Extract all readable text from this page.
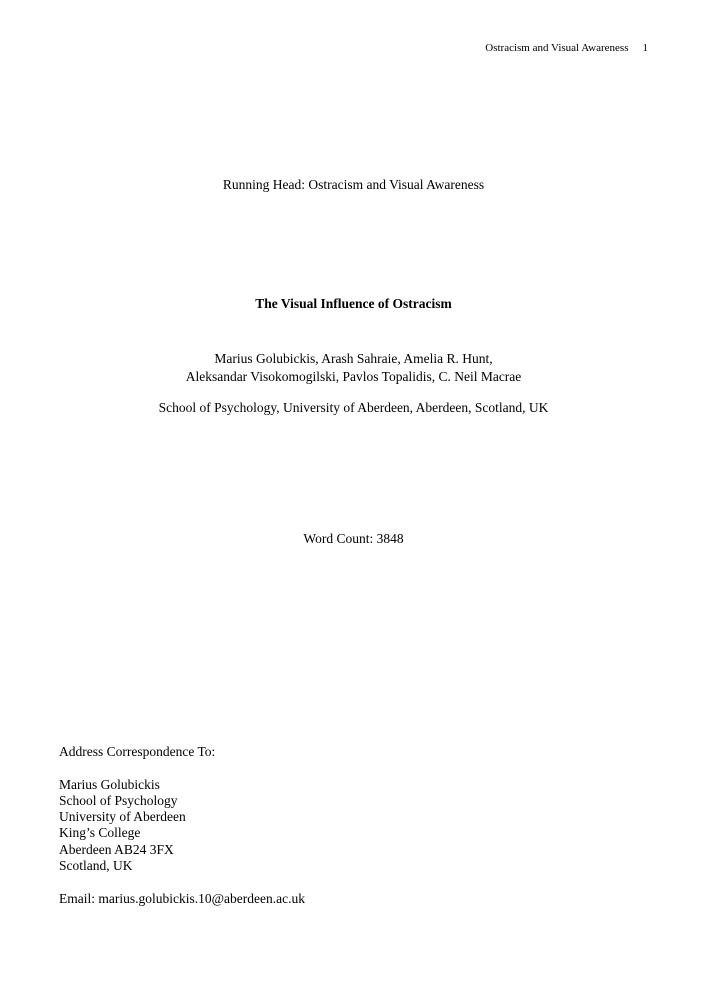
Ostracism and Visual Awareness 1
Running Head: Ostracism and Visual Awareness
The Visual Influence of Ostracism
Marius Golubickis, Arash Sahraie, Amelia R. Hunt,
Aleksandar Visokomogilski, Pavlos Topalidis, C. Neil Macrae
School of Psychology, University of Aberdeen, Aberdeen, Scotland, UK
Word Count: 3848
Address Correspondence To:
Marius Golubickis
School of Psychology
University of Aberdeen
King’s College
Aberdeen AB24 3FX
Scotland, UK
Email: marius.golubickis.10@aberdeen.ac.uk
